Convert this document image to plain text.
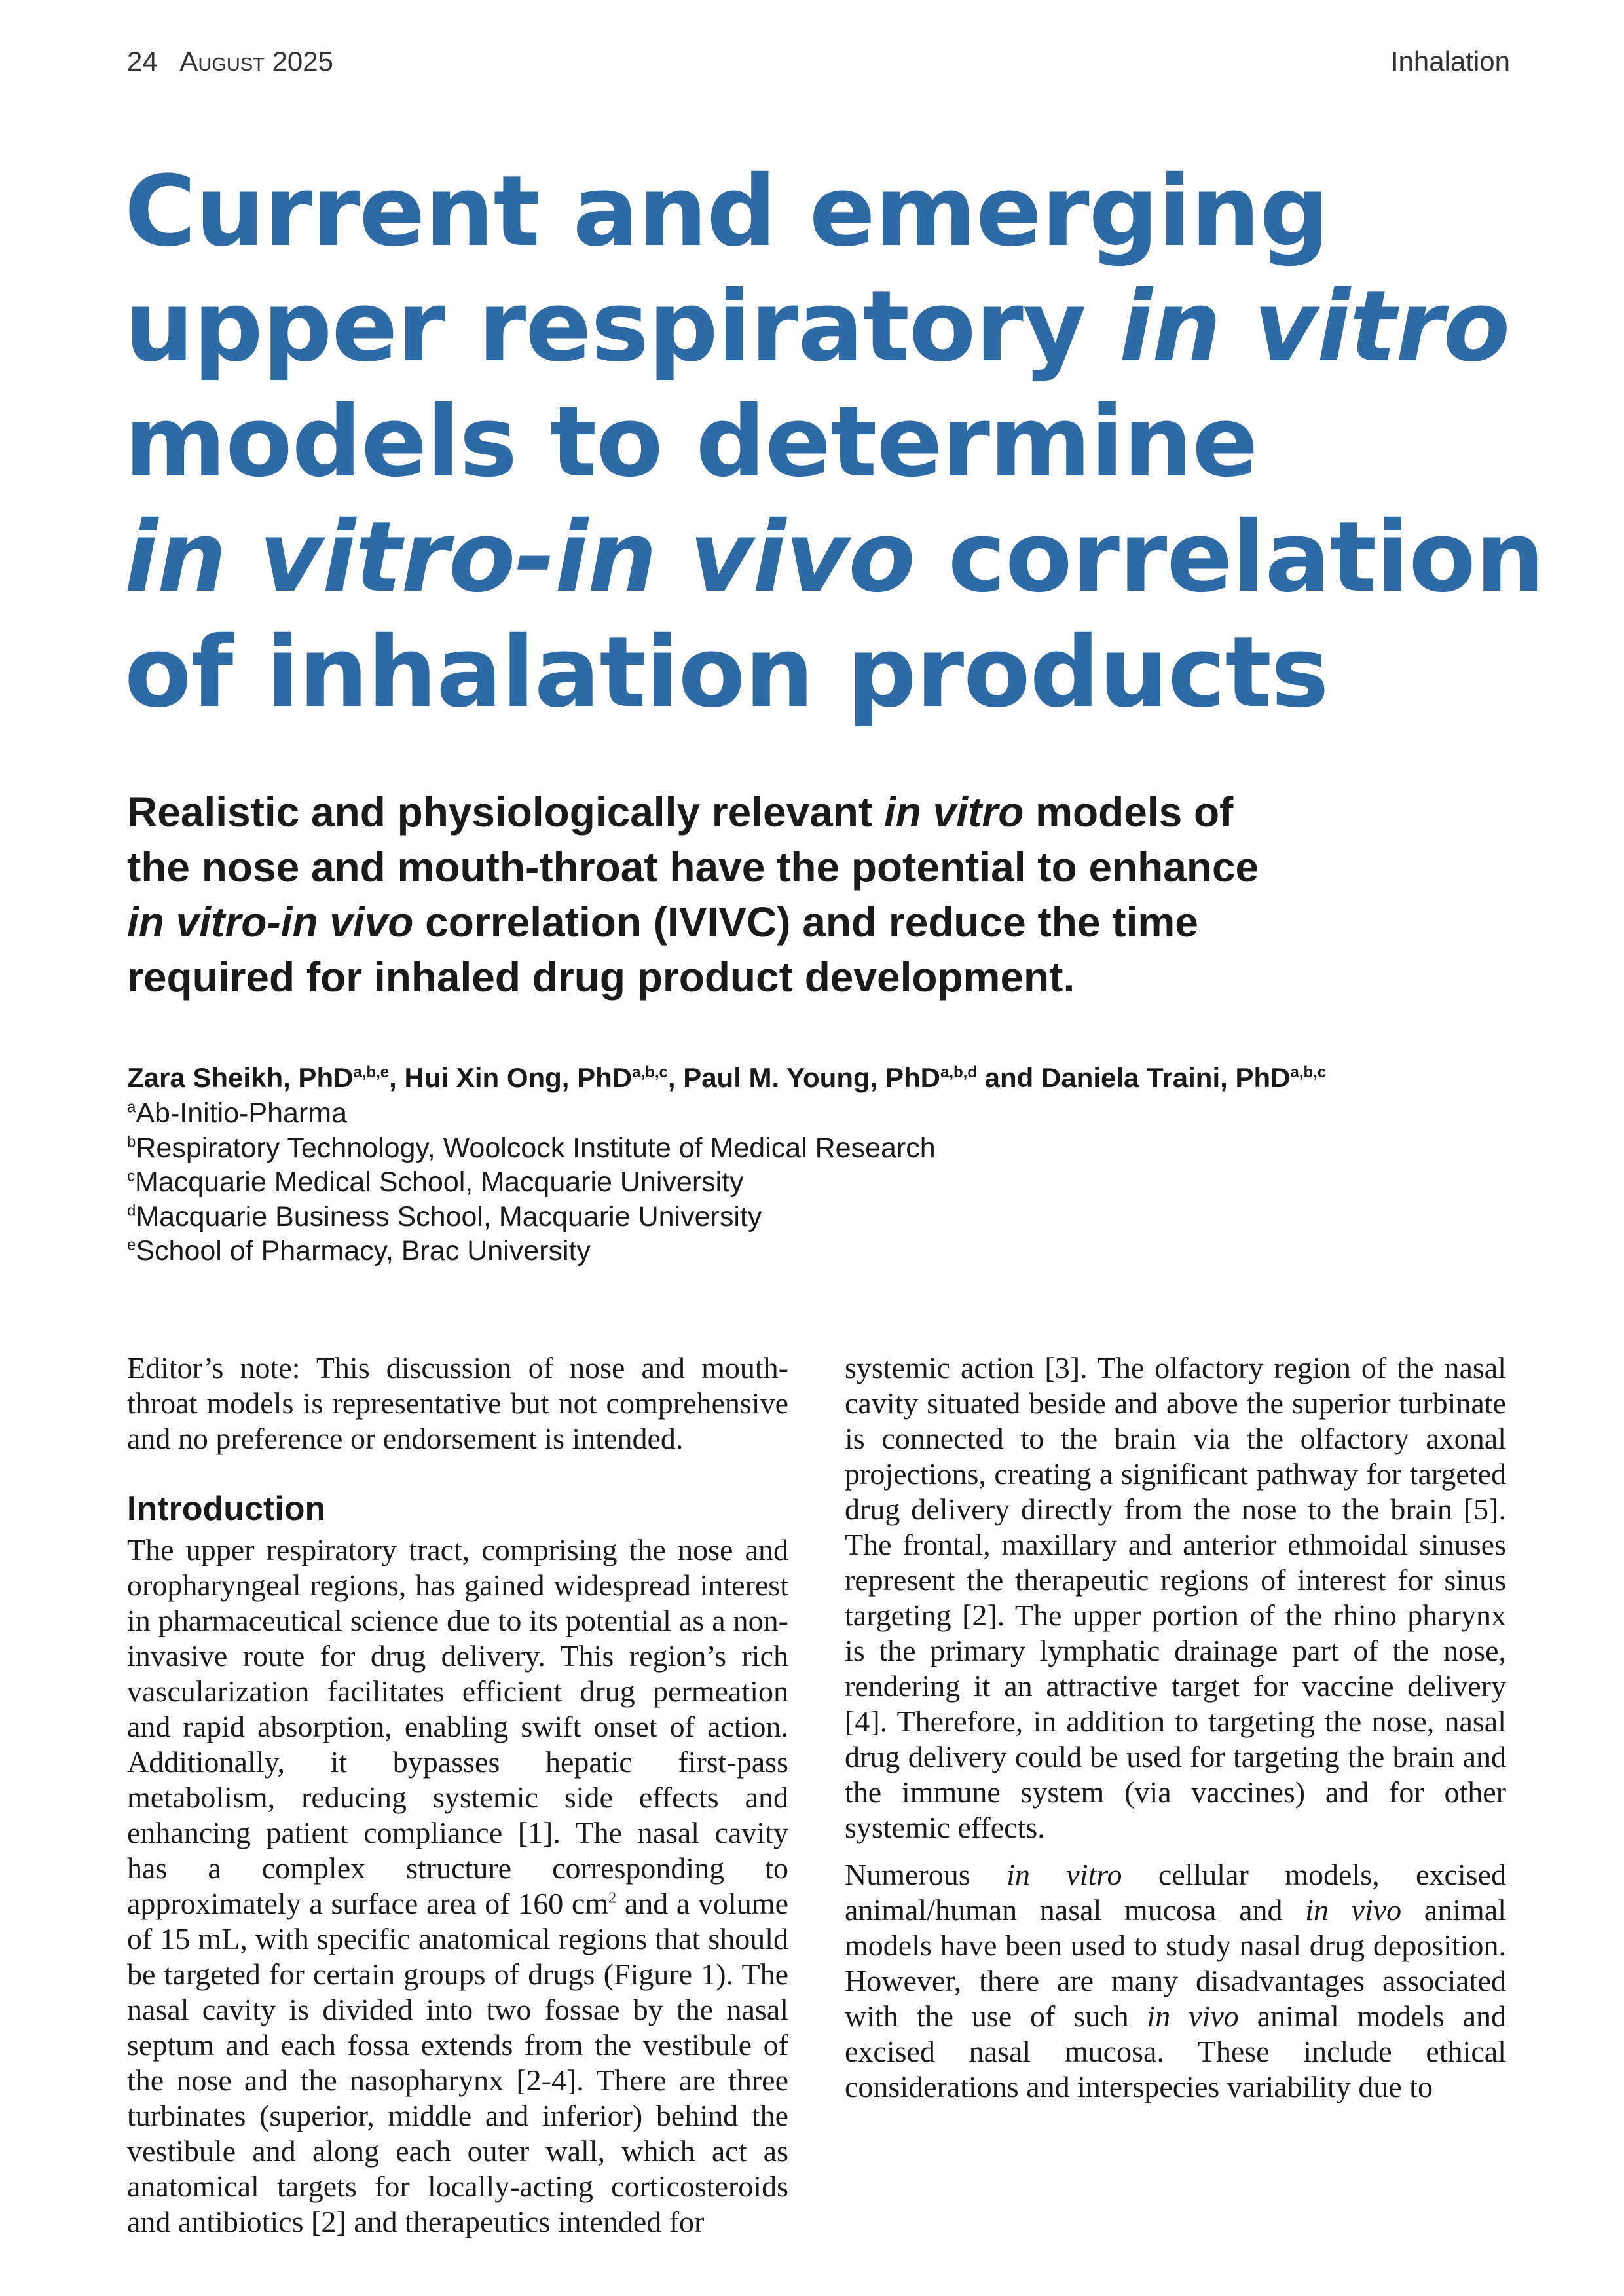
24 August 2025	Inhalation
Current and emerging
upper respiratory in vitro
models to determine
in vitro-in vivo correlation
of inhalation products
Realistic and physiologically relevant in vitro models of
the nose and mouth-throat have the potential to enhance
in vitro-in vivo correlation (IVIVC) and reduce the time
required for inhaled drug product development.
Zara Sheikh, PhD$^{a,b,e}$, Hui Xin Ong, PhD$^{a,b,c}$, Paul M. Young, PhD$^{a,b,d}$ and Daniela Traini, PhD$^{a,b,c}$
$^a$Ab-Initio-Pharma
$^b$Respiratory Technology, Woolcock Institute of Medical Research
$^c$Macquarie Medical School, Macquarie University
$^d$Macquarie Business School, Macquarie University
$^e$School of Pharmacy, Brac University

Editor’s note: This discussion of nose and mouth-throat models is representative but not comprehensive and no preference or endorsement is intended.

Introduction

The upper respiratory tract, comprising the nose and oropharyngeal regions, has gained widespread interest in pharmaceutical science due to its potential as a non-invasive route for drug delivery. This region’s rich vascularization facilitates efficient drug permeation and rapid absorption, enabling swift onset of action. Additionally, it bypasses hepatic first-pass metabolism, reducing systemic side effects and enhancing patient compliance [1]. The nasal cavity has a complex structure corresponding to approximately a surface area of 160 $cm^2$ and a volume of 15 mL, with specific anatomical regions that should be targeted for certain groups of drugs (Figure 1). The nasal cavity is divided into two fossae by the nasal septum and each fossa extends from the vestibule of the nose and the nasopharynx [2-4]. There are three turbinates (superior, middle and inferior) behind the vestibule and along each outer wall, which act as anatomical targets for locally-acting corticosteroids and antibiotics [2] and therapeutics intended for

systemic action [3]. The olfactory region of the nasal cavity situated beside and above the superior turbinate is connected to the brain via the olfactory axonal projections, creating a significant pathway for targeted drug delivery directly from the nose to the brain [5]. The frontal, maxillary and anterior ethmoidal sinuses represent the therapeutic regions of interest for sinus targeting [2]. The upper portion of the rhino pharynx is the primary lymphatic drainage part of the nose, rendering it an attractive target for vaccine delivery [4]. Therefore, in addition to targeting the nose, nasal drug delivery could be used for targeting the brain and the immune system (via vaccines) and for other systemic effects.

Numerous in vitro cellular models, excised animal/human nasal mucosa and in vivo animal models have been used to study nasal drug deposition. However, there are many disadvantages associated with the use of such in vivo animal models and excised nasal mucosa. These include ethical considerations and interspecies variability due to
